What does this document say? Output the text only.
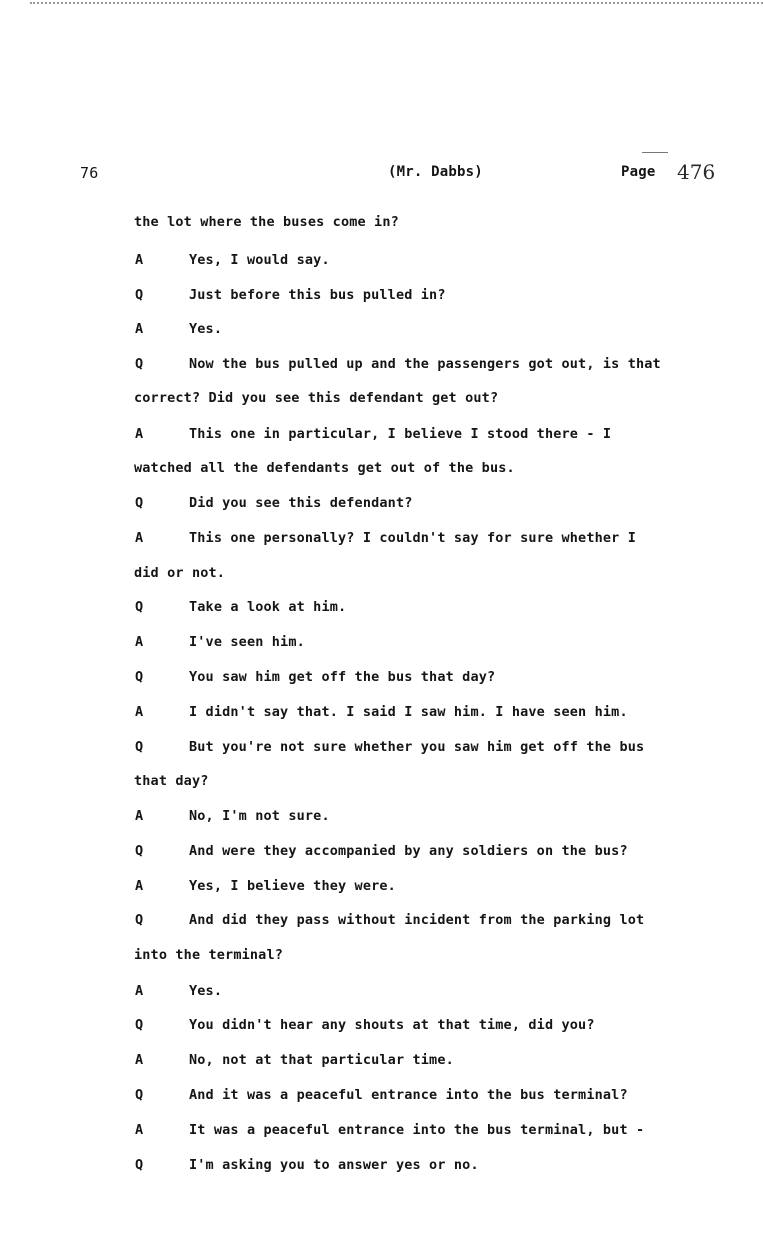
76	(Mr. Dabbs)	Page 476
the lot where the buses come in?
A	Yes, I would say.
Q	Just before this bus pulled in?
A	Yes.
Q	Now the bus pulled up and the passengers got out, is that
correct? Did you see this defendant get out?
A	This one in particular, I believe I stood there - I
watched all the defendants get out of the bus.
Q	Did you see this defendant?
A	This one personally? I couldn't say for sure whether I
did or not.
Q	Take a look at him.
A	I've seen him.
Q	You saw him get off the bus that day?
A	I didn't say that. I said I saw him. I have seen him.
Q	But you're not sure whether you saw him get off the bus
that day?
A	No, I'm not sure.
Q	And were they accompanied by any soldiers on the bus?
A	Yes, I believe they were.
Q	And did they pass without incident from the parking lot
into the terminal?
A	Yes.
Q	You didn't hear any shouts at that time, did you?
A	No, not at that particular time.
Q	And it was a peaceful entrance into the bus terminal?
A	It was a peaceful entrance into the bus terminal, but -
Q	I'm asking you to answer yes or no.
